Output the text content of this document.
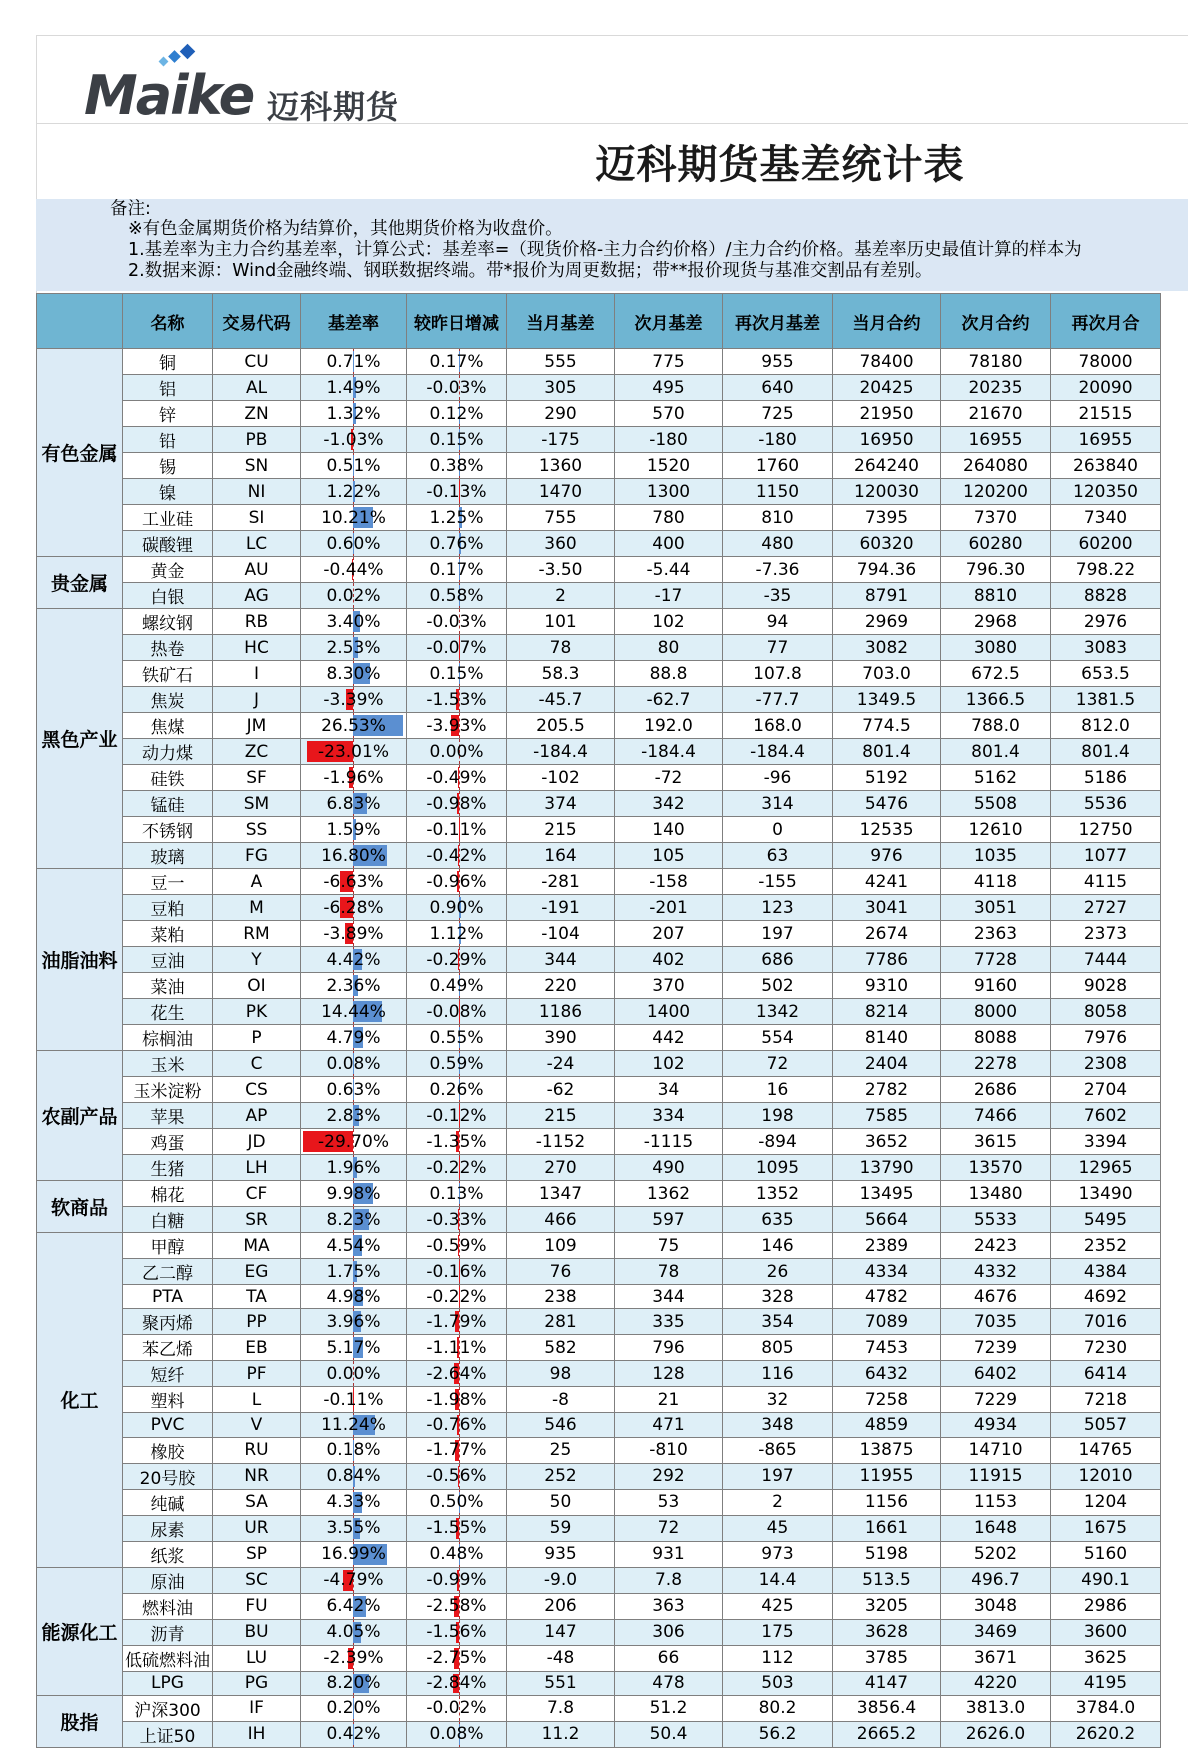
Maike 迈科期货
迈科期货基差统计表
备注:
※有色金属期货价格为结算价，其他期货价格为收盘价。
1.基差率为主力合约基差率，计算公式：基差率=（现货价格-主力合约价格）/主力合约价格。基差率历史最值计算的样本为
2.数据来源：Wind金融终端、钢联数据终端。带*报价为周更数据；带**报价现货与基准交割品有差别。
	名称	交易代码	基差率	较昨日增减	当月基差	次月基差	再次月基差	当月合约	次月合约	再次月合
有色金属	铜	CU	0.71%	0.17%	555	775	955	78400	78180	78000
	铝	AL	1.49%	-0.03%	305	495	640	20425	20235	20090
	锌	ZN	1.32%	0.12%	290	570	725	21950	21670	21515
	铅	PB	-1.03%	0.15%	-175	-180	-180	16950	16955	16955
	锡	SN	0.51%	0.38%	1360	1520	1760	264240	264080	263840
	镍	NI	1.22%	-0.13%	1470	1300	1150	120030	120200	120350
	工业硅	SI	10.21%	1.25%	755	780	810	7395	7370	7340
	碳酸锂	LC	0.60%	0.76%	360	400	480	60320	60280	60200
贵金属	黄金	AU	-0.44%	0.17%	-3.50	-5.44	-7.36	794.36	796.30	798.22
	白银	AG	0.02%	0.58%	2	-17	-35	8791	8810	8828
黑色产业	螺纹钢	RB	3.40%	-0.03%	101	102	94	2969	2968	2976
	热卷	HC	2.53%	-0.07%	78	80	77	3082	3080	3083
	铁矿石	I	8.30%	0.15%	58.3	88.8	107.8	703.0	672.5	653.5
	焦炭	J	-3.39%	-1.53%	-45.7	-62.7	-77.7	1349.5	1366.5	1381.5
	焦煤	JM	26.53%	-3.93%	205.5	192.0	168.0	774.5	788.0	812.0
	动力煤	ZC	-23.01%	0.00%	-184.4	-184.4	-184.4	801.4	801.4	801.4
	硅铁	SF	-1.96%	-0.49%	-102	-72	-96	5192	5162	5186
	锰硅	SM	6.83%	-0.98%	374	342	314	5476	5508	5536
	不锈钢	SS	1.59%	-0.11%	215	140	0	12535	12610	12750
	玻璃	FG	16.80%	-0.42%	164	105	63	976	1035	1077
油脂油料	豆一	A	-6.63%	-0.96%	-281	-158	-155	4241	4118	4115
	豆粕	M	-6.28%	0.90%	-191	-201	123	3041	3051	2727
	菜粕	RM	-3.89%	1.12%	-104	207	197	2674	2363	2373
	豆油	Y	4.42%	-0.29%	344	402	686	7786	7728	7444
	菜油	OI	2.36%	0.49%	220	370	502	9310	9160	9028
	花生	PK	14.44%	-0.08%	1186	1400	1342	8214	8000	8058
	棕榈油	P	4.79%	0.55%	390	442	554	8140	8088	7976
农副产品	玉米	C	0.08%	0.59%	-24	102	72	2404	2278	2308
	玉米淀粉	CS	0.63%	0.26%	-62	34	16	2782	2686	2704
	苹果	AP	2.83%	-0.12%	215	334	198	7585	7466	7602
	鸡蛋	JD	-29.70%	-1.35%	-1152	-1115	-894	3652	3615	3394
	生猪	LH	1.96%	-0.22%	270	490	1095	13790	13570	12965
软商品	棉花	CF	9.98%	0.13%	1347	1362	1352	13495	13480	13490
	白糖	SR	8.23%	-0.33%	466	597	635	5664	5533	5495
化工	甲醇	MA	4.54%	-0.59%	109	75	146	2389	2423	2352
	乙二醇	EG	1.75%	-0.16%	76	78	26	4334	4332	4384
	PTA	TA	4.98%	-0.22%	238	344	328	4782	4676	4692
	聚丙烯	PP	3.96%	-1.79%	281	335	354	7089	7035	7016
	苯乙烯	EB	5.17%	-1.11%	582	796	805	7453	7239	7230
	短纤	PF	0.00%	-2.64%	98	128	116	6432	6402	6414
	塑料	L	-0.11%	-1.98%	-8	21	32	7258	7229	7218
	PVC	V	11.24%	-0.76%	546	471	348	4859	4934	5057
	橡胶	RU	0.18%	-1.77%	25	-810	-865	13875	14710	14765
	20号胶	NR	0.84%	-0.56%	252	292	197	11955	11915	12010
	纯碱	SA	4.33%	0.50%	50	53	2	1156	1153	1204
	尿素	UR	3.55%	-1.55%	59	72	45	1661	1648	1675
	纸浆	SP	16.99%	0.48%	935	931	973	5198	5202	5160
能源化工	原油	SC	-4.79%	-0.99%	-9.0	7.8	14.4	513.5	496.7	490.1
	燃料油	FU	6.42%	-2.58%	206	363	425	3205	3048	2986
	沥青	BU	4.05%	-1.56%	147	306	175	3628	3469	3600
	低硫燃料油	LU	-2.39%	-2.75%	-48	66	112	3785	3671	3625
	LPG	PG	8.20%	-2.84%	551	478	503	4147	4220	4195
股指	沪深300	IF	0.20%	-0.02%	7.8	51.2	80.2	3856.4	3813.0	3784.0
	上证50	IH	0.42%	0.08%	11.2	50.4	56.2	2665.2	2626.0	2620.2
